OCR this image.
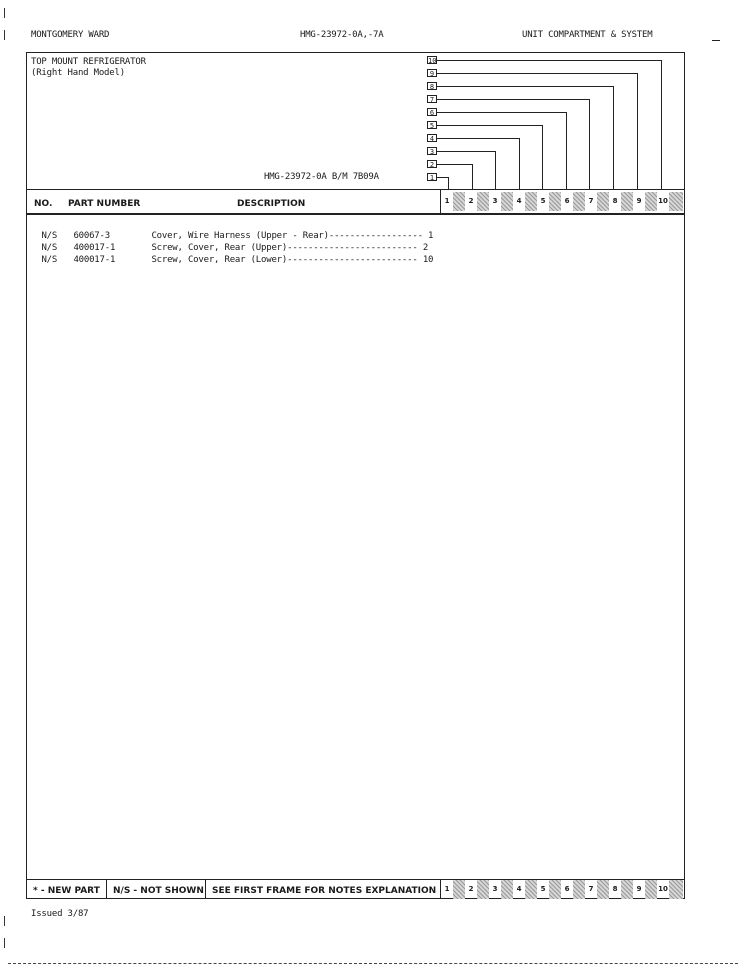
MONTGOMERY WARD	HMG-23972-0A,-7A	UNIT COMPARTMENT & SYSTEM
TOP MOUNT REFRIGERATOR
(Right Hand Model)
HMG-23972-0A B/M 7B09A
10
9
8
7
6
5
4
3
2
1
NO. PART NUMBER	DESCRIPTION	1	2	3	4	5	6	7	8	9	10

N/S 60067-3	Cover, Wire Harness (Upper - Rear)------------------ 1

N/S 400017-1	Screw, Cover, Rear (Upper)------------------------- 2

N/S 400017-1	Screw, Cover, Rear (Lower)------------------------- 10

* - NEW PART N/S - NOT SHOWN SEE FIRST FRAME FOR NOTES EXPLANATION	1	2	3	4	5	6	7	8	9	10
Issued 3/87
